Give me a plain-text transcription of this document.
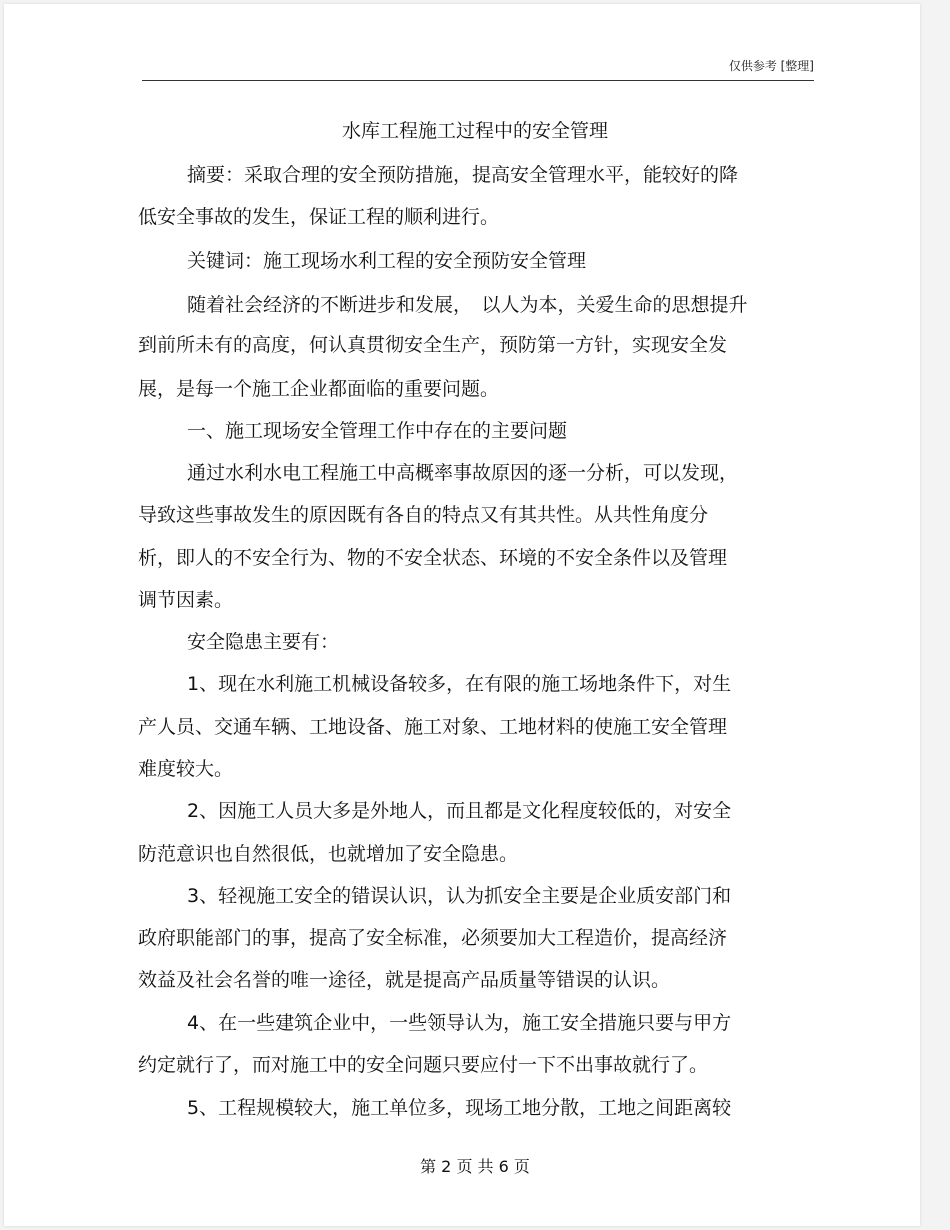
仅供参考 [整理]
水库工程施工过程中的安全管理
摘要：采取合理的安全预防措施，提高安全管理水平，能较好的降
低安全事故的发生，保证工程的顺利进行。
关键词：施工现场水利工程的安全预防安全管理
随着社会经济的不断进步和发展，　以人为本，关爱生命的思想提升
到前所未有的高度，何认真贯彻安全生产，预防第一方针，实现安全发
展，是每一个施工企业都面临的重要问题。
一、施工现场安全管理工作中存在的主要问题
通过水利水电工程施工中高概率事故原因的逐一分析，可以发现，
导致这些事故发生的原因既有各自的特点又有其共性。从共性角度分
析，即人的不安全行为、物的不安全状态、环境的不安全条件以及管理
调节因素。
安全隐患主要有：
1、现在水利施工机械设备较多，在有限的施工场地条件下，对生
产人员、交通车辆、工地设备、施工对象、工地材料的使施工安全管理
难度较大。
2、因施工人员大多是外地人，而且都是文化程度较低的，对安全
防范意识也自然很低，也就增加了安全隐患。
3、轻视施工安全的错误认识，认为抓安全主要是企业质安部门和
政府职能部门的事，提高了安全标准，必须要加大工程造价，提高经济
效益及社会名誉的唯一途径，就是提高产品质量等错误的认识。
4、在一些建筑企业中，一些领导认为，施工安全措施只要与甲方
约定就行了，而对施工中的安全问题只要应付一下不出事故就行了。
5、工程规模较大，施工单位多，现场工地分散，工地之间距离较
第 2 页 共 6 页
